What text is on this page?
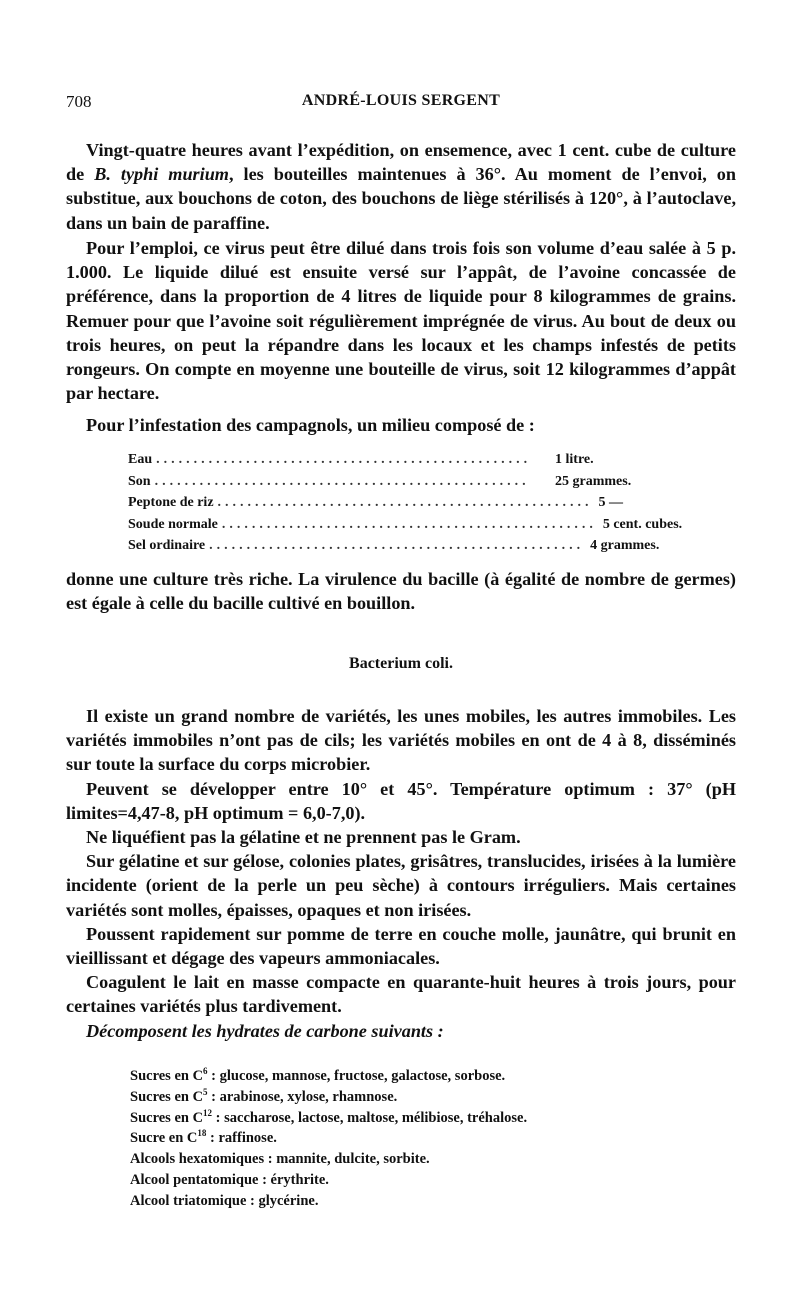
708	ANDRÉ-LOUIS SERGENT

Vingt-quatre heures avant l’expédition, on ensemence, avec 1 cent. cube de culture de B. typhi murium, les bouteilles maintenues à 36°. Au moment de l’envoi, on substitue, aux bouchons de coton, des bouchons de liège stérilisés à 120°, à l’autoclave, dans un bain de paraffine.

Pour l’emploi, ce virus peut être dilué dans trois fois son volume d’eau salée à 5 p. 1.000. Le liquide dilué est ensuite versé sur l’appât, de l’avoine concassée de préférence, dans la proportion de 4 litres de liquide pour 8 kilogrammes de grains. Remuer pour que l’avoine soit régulièrement imprégnée de virus. Au bout de deux ou trois heures, on peut la répandre dans les locaux et les champs infestés de petits rongeurs. On compte en moyenne une bouteille de virus, soit 12 kilogrammes d’appât par hectare.

Pour l’infestation des campagnols, un milieu composé de :

Eau ..................................................	1 litre.
Son ..................................................	25 grammes.
Peptone de riz .................................................. 5 —
Soude normale .................................................. 5 cent. cubes.
Sel ordinaire .................................................. 4 grammes.

donne une culture très riche. La virulence du bacille (à égalité de nombre de germes) est égale à celle du bacille cultivé en bouillon.

Bacterium coli.

Il existe un grand nombre de variétés, les unes mobiles, les autres immobiles. Les variétés immobiles n’ont pas de cils; les variétés mobiles en ont de 4 à 8, disséminés sur toute la surface du corps microbier.

Peuvent se développer entre 10° et 45°. Température optimum : 37° (pH limites=4,47-8, pH optimum = 6,0-7,0).

Ne liquéfient pas la gélatine et ne prennent pas le Gram.

Sur gélatine et sur gélose, colonies plates, grisâtres, translucides, irisées à la lumière incidente (orient de la perle un peu sèche) à contours irréguliers. Mais certaines variétés sont molles, épaisses, opaques et non irisées.

Poussent rapidement sur pomme de terre en couche molle, jaunâtre, qui brunit en vieillissant et dégage des vapeurs ammoniacales.

Coagulent le lait en masse compacte en quarante-huit heures à trois jours, pour certaines variétés plus tardivement.

Décomposent les hydrates de carbone suivants :

Sucres en $C^6$ : glucose, mannose, fructose, galactose, sorbose.
Sucres en $C^5$ : arabinose, xylose, rhamnose.
Sucres en $C^{12}$ : saccharose, lactose, maltose, mélibiose, tréhalose.
Sucre en $C^{18}$ : raffinose.
Alcools hexatomiques : mannite, dulcite, sorbite.
Alcool pentatomique : érythrite.
Alcool triatomique : glycérine.
